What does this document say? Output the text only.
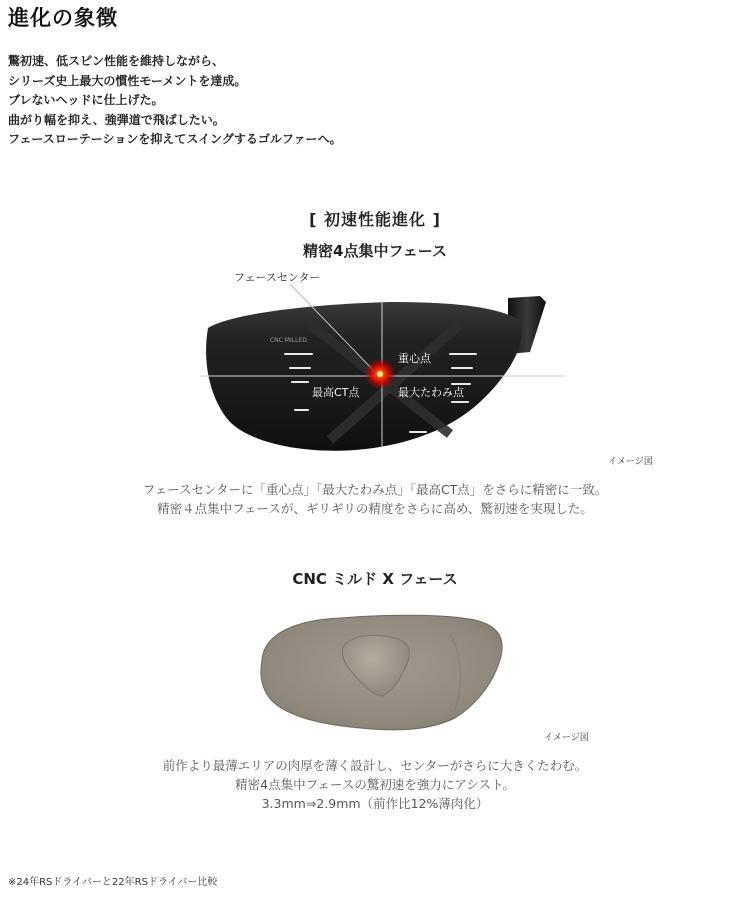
進化の象徴
驚初速、低スピン性能を維持しながら、
シリーズ史上最大の慣性モーメントを達成。
ブレないヘッドに仕上げた。
曲がり幅を抑え、強弾道で飛ばしたい。
フェースローテーションを抑えてスイングするゴルファーへ。
[ 初速性能進化 ]
精密4点集中フェース
CNC MILLED
フェースセンター
重心点
最高CT点	最大たわみ点
イメージ図
フェースセンターに「重心点」「最大たわみ点」「最高CT点」をさらに精密に一致。
精密４点集中フェースが、ギリギリの精度をさらに高め、驚初速を実現した。
CNC ミルド X フェース
イメージ図
前作より最薄エリアの肉厚を薄く設計し、センターがさらに大きくたわむ。
精密4点集中フェースの驚初速を強力にアシスト。
3.3mm⇒2.9mm（前作比12%薄肉化）
※24年RSドライバーと22年RSドライバー比較
